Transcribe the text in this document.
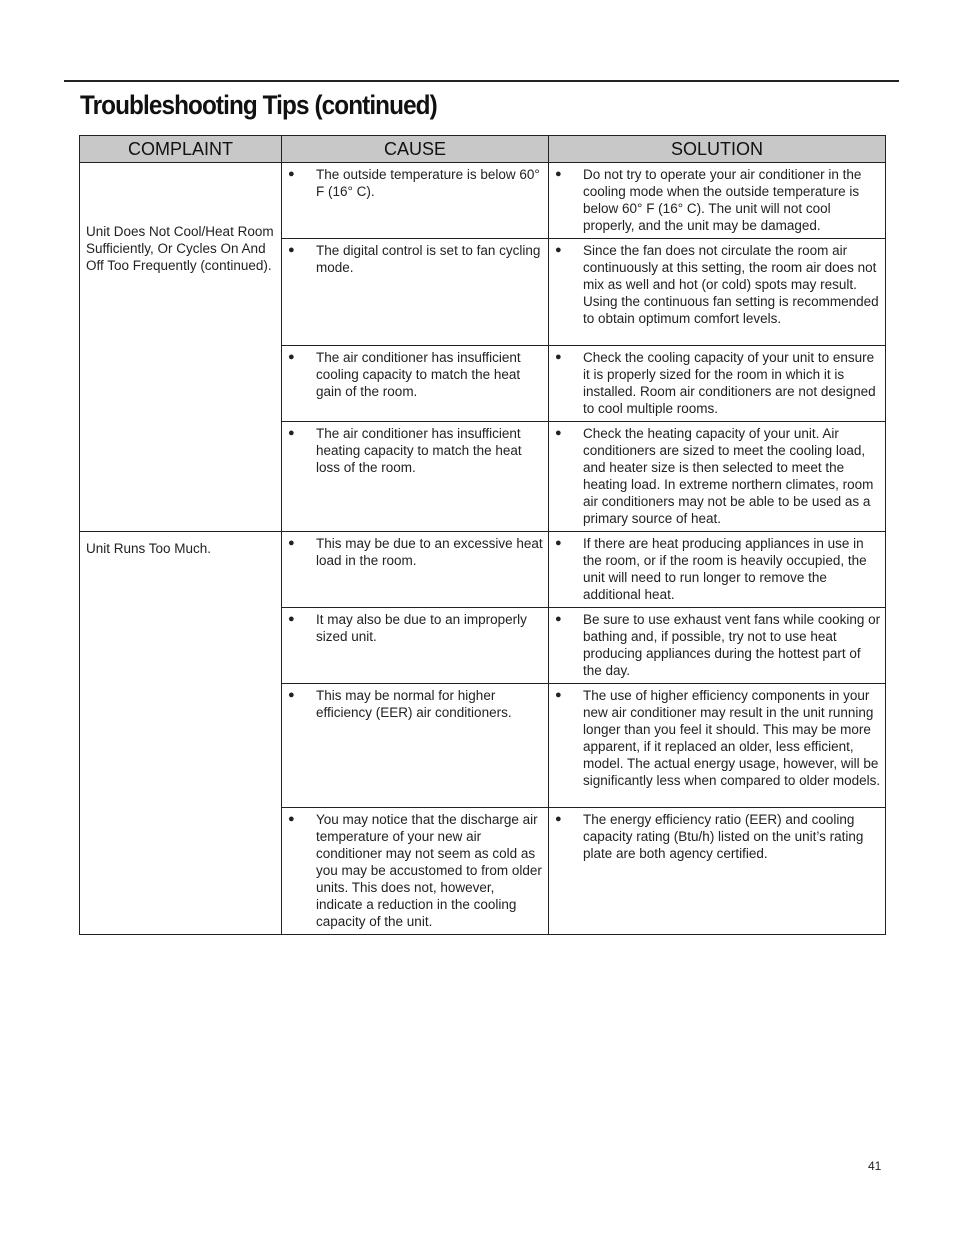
Troubleshooting Tips (continued)
COMPLAINT	CAUSE	SOLUTION
Unit Does Not Cool/Heat Room Sufficiently, Or Cycles On And Off Too Frequently (continued).	● The outside temperature is below 60° F (16° C).	● Do not try to operate your air conditioner in the cooling mode when the outside temperature is below 60° F (16° C). The unit will not cool properly, and the unit may be damaged.

	● The digital control is set to fan cycling mode.	● Since the fan does not circulate the room air continuously at this setting, the room air does not mix as well and hot (or cold) spots may result. Using the continuous fan setting is recommended to obtain optimum comfort levels.

	● The air conditioner has insufficient cooling capacity to match the heat gain of the room.	● Check the cooling capacity of your unit to ensure it is properly sized for the room in which it is installed. Room air conditioners are not designed to cool multiple rooms.

	● The air conditioner has insufficient heating capacity to match the heat loss of the room.	● Check the heating capacity of your unit. Air conditioners are sized to meet the cooling load, and heater size is then selected to meet the heating load. In extreme northern climates, room air conditioners may not be able to be used as a primary source of heat.

Unit Runs Too Much.	● This may be due to an excessive heat load in the room.	● If there are heat producing appliances in use in the room, or if the room is heavily occupied, the unit will need to run longer to remove the additional heat.

	● It may also be due to an improperly sized unit.	● Be sure to use exhaust vent fans while cooking or bathing and, if possible, try not to use heat producing appliances during the hottest part of the day.

	● This may be normal for higher efficiency (EER) air conditioners.	● The use of higher efficiency components in your new air conditioner may result in the unit running longer than you feel it should. This may be more apparent, if it replaced an older, less efficient, model. The actual energy usage, however, will be significantly less when compared to older models.

	● You may notice that the discharge air temperature of your new air conditioner may not seem as cold as you may be accustomed to from older units. This does not, however, indicate a reduction in the cooling capacity of the unit.	● The energy efficiency ratio (EER) and cooling capacity rating (Btu/h) listed on the unit’s rating plate are both agency certified.
41
